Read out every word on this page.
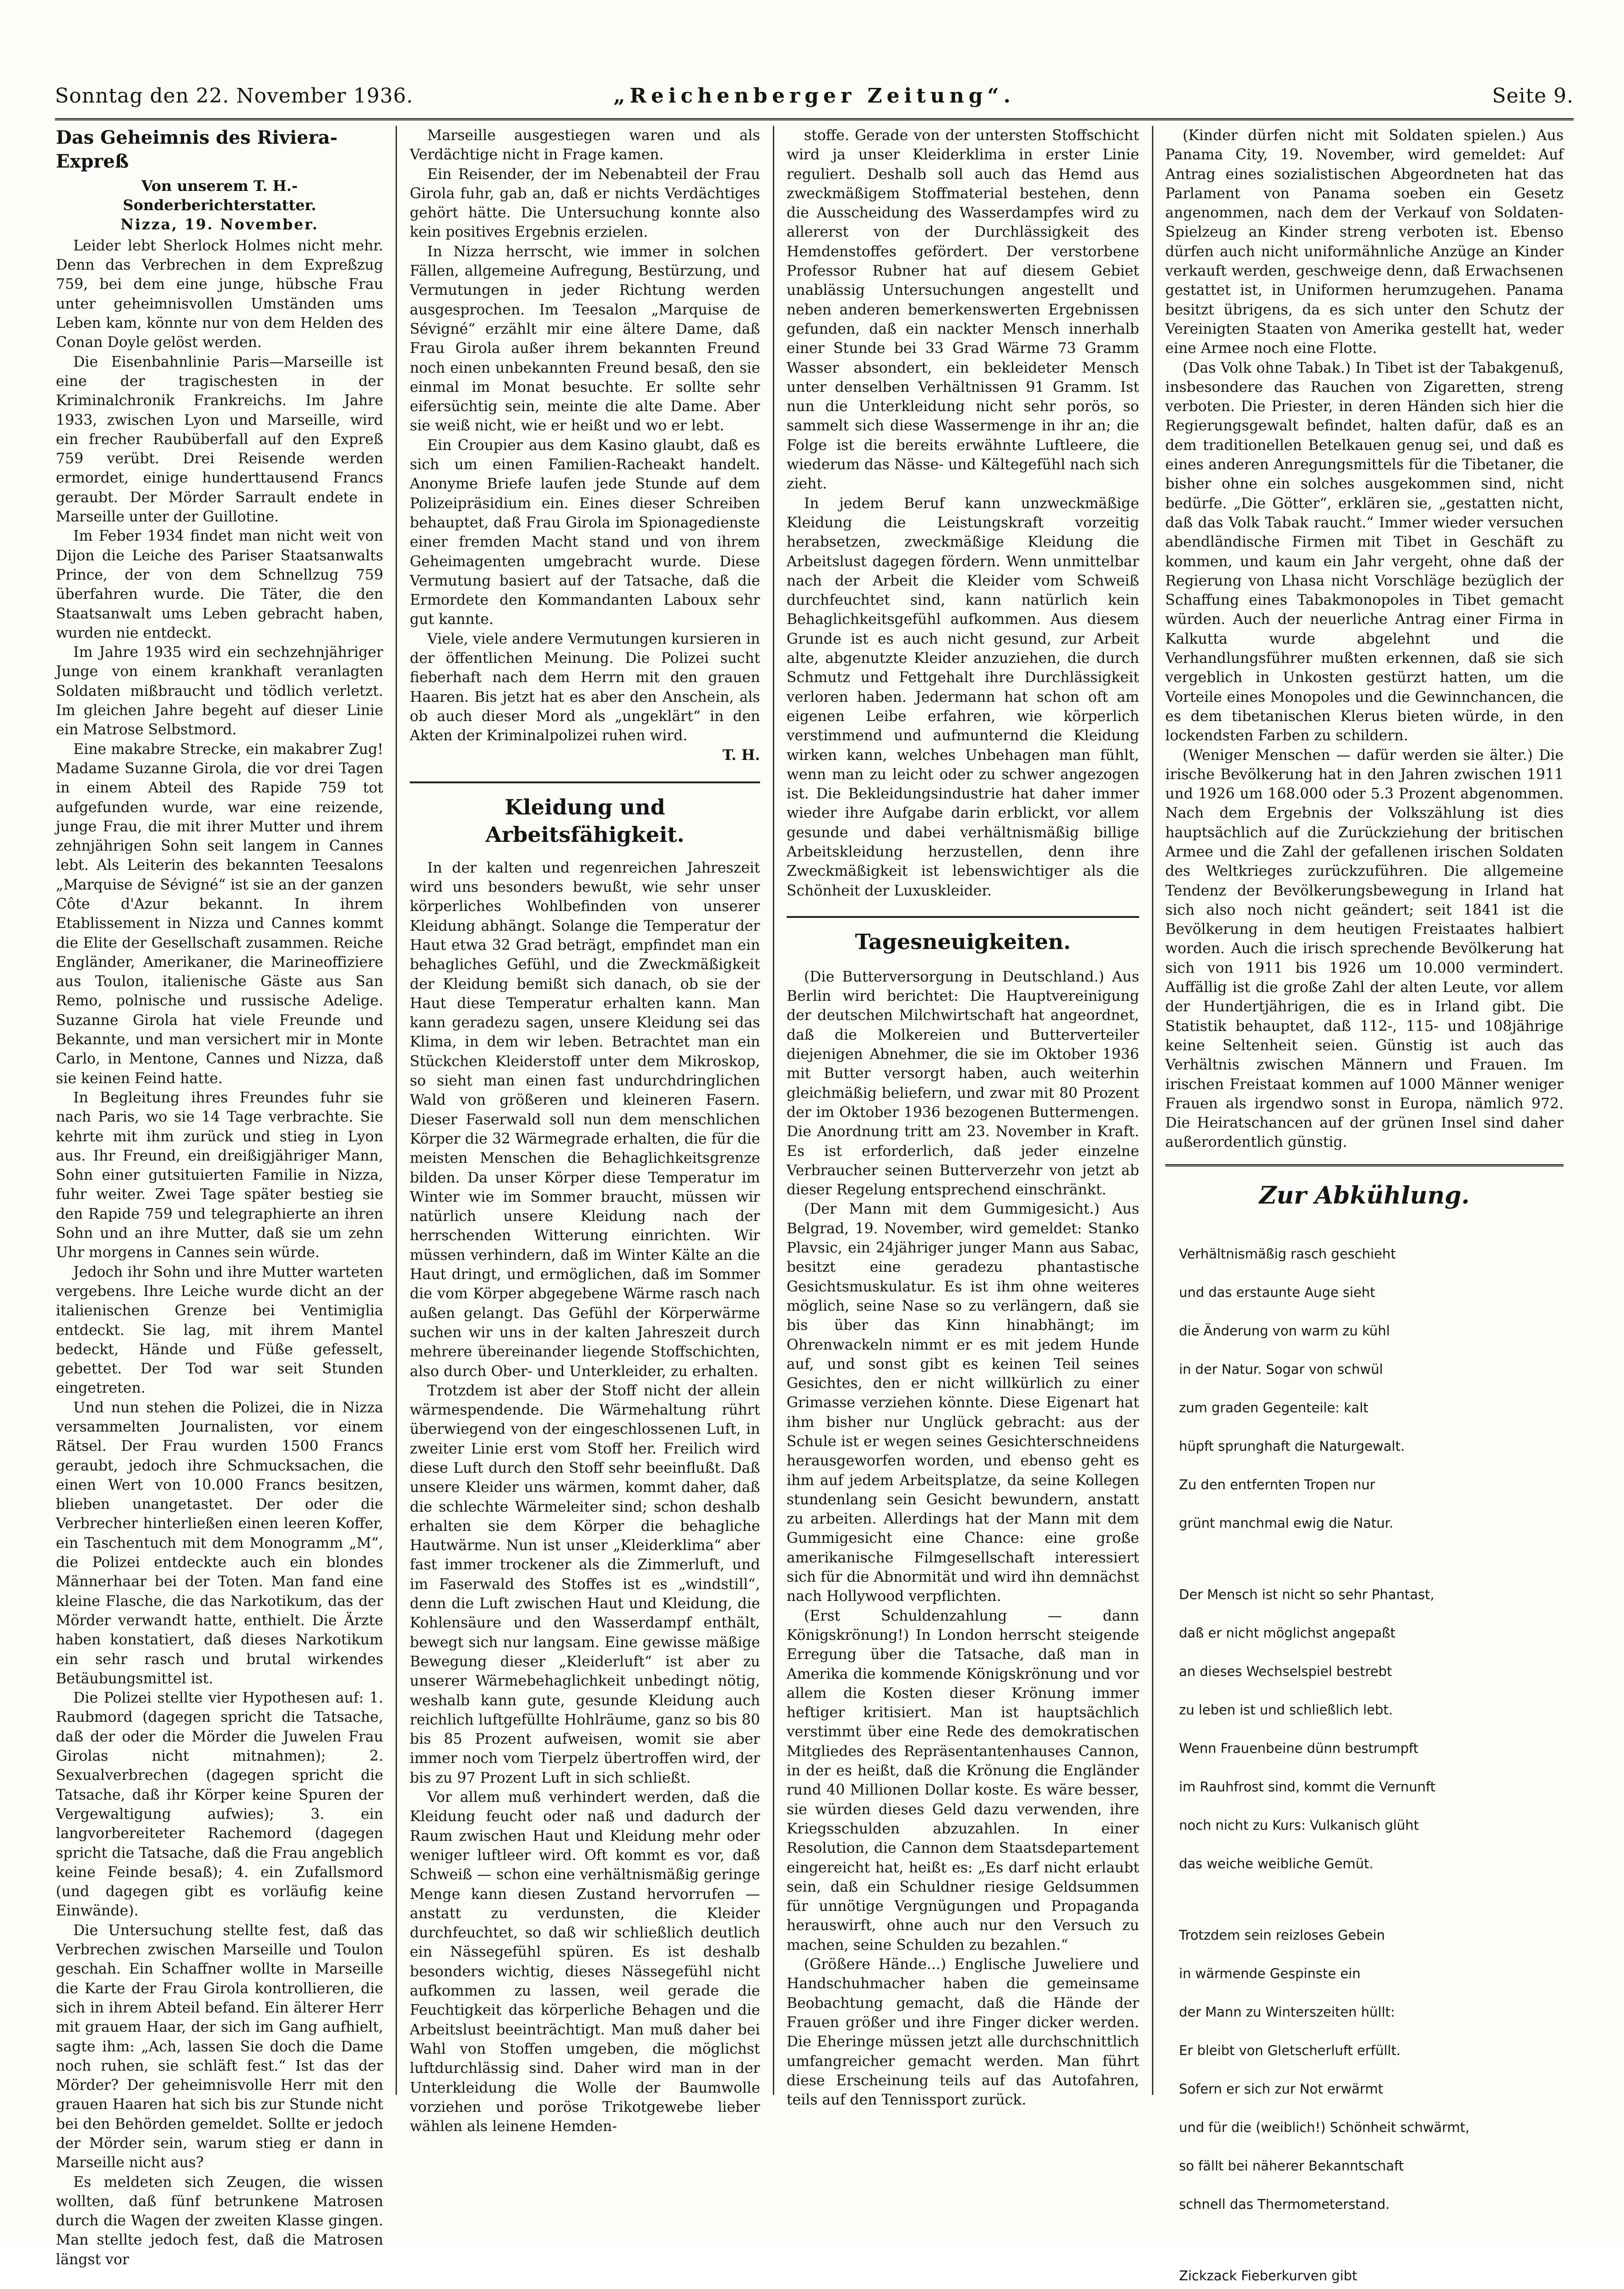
Sonntag den 22. November 1936.	„Reichenberger Zeitung“.	Seite 9.
Das Geheimnis des Riviera-Expreß
Von unserem T. H.-Sonderberichterstatter.
Nizza, 19. November.

Leider lebt Sherlock Holmes nicht mehr. Denn das Verbrechen in dem Expreßzug 759, bei dem eine junge, hübsche Frau unter geheimnisvollen Umständen ums Leben kam, könnte nur von dem Helden des Conan Doyle gelöst werden.

Die Eisenbahnlinie Paris—Marseille ist eine der tragischesten in der Kriminalchronik Frankreichs. Im Jahre 1933, zwischen Lyon und Marseille, wird ein frecher Raubüberfall auf den Expreß 759 verübt. Drei Reisende werden ermordet, einige hunderttausend Francs geraubt. Der Mörder Sarrault endete in Marseille unter der Guillotine.

Im Feber 1934 findet man nicht weit von Dijon die Leiche des Pariser Staatsanwalts Prince, der von dem Schnellzug 759 überfahren wurde. Die Täter, die den Staatsanwalt ums Leben gebracht haben, wurden nie entdeckt.

Im Jahre 1935 wird ein sechzehnjähriger Junge von einem krankhaft veranlagten Soldaten mißbraucht und tödlich verletzt. Im gleichen Jahre begeht auf dieser Linie ein Matrose Selbstmord.

Eine makabre Strecke, ein makabrer Zug! Madame Suzanne Girola, die vor drei Tagen in einem Abteil des Rapide 759 tot aufgefunden wurde, war eine reizende, junge Frau, die mit ihrer Mutter und ihrem zehnjährigen Sohn seit langem in Cannes lebt. Als Leiterin des bekannten Teesalons „Marquise de Sévigné“ ist sie an der ganzen Côte d'Azur bekannt. In ihrem Etablissement in Nizza und Cannes kommt die Elite der Gesellschaft zusammen. Reiche Engländer, Amerikaner, die Marineoffiziere aus Toulon, italienische Gäste aus San Remo, polnische und russische Adelige. Suzanne Girola hat viele Freunde und Bekannte, und man versichert mir in Monte Carlo, in Mentone, Cannes und Nizza, daß sie keinen Feind hatte.

In Begleitung ihres Freundes fuhr sie nach Paris, wo sie 14 Tage verbrachte. Sie kehrte mit ihm zurück und stieg in Lyon aus. Ihr Freund, ein dreißigjähriger Mann, Sohn einer gutsituierten Familie in Nizza, fuhr weiter. Zwei Tage später bestieg sie den Rapide 759 und telegraphierte an ihren Sohn und an ihre Mutter, daß sie um zehn Uhr morgens in Cannes sein würde.

Jedoch ihr Sohn und ihre Mutter warteten vergebens. Ihre Leiche wurde dicht an der italienischen Grenze bei Ventimiglia entdeckt. Sie lag, mit ihrem Mantel bedeckt, Hände und Füße gefesselt, gebettet. Der Tod war seit Stunden eingetreten.

Und nun stehen die Polizei, die in Nizza versammelten Journalisten, vor einem Rätsel. Der Frau wurden 1500 Francs geraubt, jedoch ihre Schmucksachen, die einen Wert von 10.000 Francs besitzen, blieben unangetastet. Der oder die Verbrecher hinterließen einen leeren Koffer, ein Taschentuch mit dem Monogramm „M“, die Polizei entdeckte auch ein blondes Männerhaar bei der Toten. Man fand eine kleine Flasche, die das Narkotikum, das der Mörder verwandt hatte, enthielt. Die Ärzte haben konstatiert, daß dieses Narkotikum ein sehr rasch und brutal wirkendes Betäubungsmittel ist.

Die Polizei stellte vier Hypothesen auf: 1. Raubmord (dagegen spricht die Tatsache, daß der oder die Mörder die Juwelen Frau Girolas nicht mitnahmen); 2. Sexualverbrechen (dagegen spricht die Tatsache, daß ihr Körper keine Spuren der Vergewaltigung aufwies); 3. ein langvorbereiteter Rachemord (dagegen spricht die Tatsache, daß die Frau angeblich keine Feinde besaß); 4. ein Zufallsmord (und dagegen gibt es vorläufig keine Einwände).

Die Untersuchung stellte fest, daß das Verbrechen zwischen Marseille und Toulon geschah. Ein Schaffner wollte in Marseille die Karte der Frau Girola kontrollieren, die sich in ihrem Abteil befand. Ein älterer Herr mit grauem Haar, der sich im Gang aufhielt, sagte ihm: „Ach, lassen Sie doch die Dame noch ruhen, sie schläft fest.“ Ist das der Mörder? Der geheimnisvolle Herr mit den grauen Haaren hat sich bis zur Stunde nicht bei den Behörden gemeldet. Sollte er jedoch der Mörder sein, warum stieg er dann in Marseille nicht aus?

Es meldeten sich Zeugen, die wissen wollten, daß fünf betrunkene Matrosen durch die Wagen der zweiten Klasse gingen. Man stellte jedoch fest, daß die Matrosen längst vor

Marseille ausgestiegen waren und als Verdächtige nicht in Frage kamen.

Ein Reisender, der im Nebenabteil der Frau Girola fuhr, gab an, daß er nichts Verdächtiges gehört hätte. Die Untersuchung konnte also kein positives Ergebnis erzielen.

In Nizza herrscht, wie immer in solchen Fällen, allgemeine Aufregung, Bestürzung, und Vermutungen in jeder Richtung werden ausgesprochen. Im Teesalon „Marquise de Sévigné“ erzählt mir eine ältere Dame, daß Frau Girola außer ihrem bekannten Freund noch einen unbekannten Freund besaß, den sie einmal im Monat besuchte. Er sollte sehr eifersüchtig sein, meinte die alte Dame. Aber sie weiß nicht, wie er heißt und wo er lebt.

Ein Croupier aus dem Kasino glaubt, daß es sich um einen Familien-Racheakt handelt. Anonyme Briefe laufen jede Stunde auf dem Polizeipräsidium ein. Eines dieser Schreiben behauptet, daß Frau Girola im Spionagedienste einer fremden Macht stand und von ihrem Geheimagenten umgebracht wurde. Diese Vermutung basiert auf der Tatsache, daß die Ermordete den Kommandanten Laboux sehr gut kannte.

Viele, viele andere Vermutungen kursieren in der öffentlichen Meinung. Die Polizei sucht fieberhaft nach dem Herrn mit den grauen Haaren. Bis jetzt hat es aber den Anschein, als ob auch dieser Mord als „ungeklärt“ in den Akten der Kriminalpolizei ruhen wird.

T. H.
Kleidung und Arbeitsfähigkeit.

In der kalten und regenreichen Jahreszeit wird uns besonders bewußt, wie sehr unser körperliches Wohlbefinden von unserer Kleidung abhängt. Solange die Temperatur der Haut etwa 32 Grad beträgt, empfindet man ein behagliches Gefühl, und die Zweckmäßigkeit der Kleidung bemißt sich danach, ob sie der Haut diese Temperatur erhalten kann. Man kann geradezu sagen, unsere Kleidung sei das Klima, in dem wir leben. Betrachtet man ein Stückchen Kleiderstoff unter dem Mikroskop, so sieht man einen fast undurchdringlichen Wald von größeren und kleineren Fasern. Dieser Faserwald soll nun dem menschlichen Körper die 32 Wärmegrade erhalten, die für die meisten Menschen die Behaglichkeitsgrenze bilden. Da unser Körper diese Temperatur im Winter wie im Sommer braucht, müssen wir natürlich unsere Kleidung nach der herrschenden Witterung einrichten. Wir müssen verhindern, daß im Winter Kälte an die Haut dringt, und ermöglichen, daß im Sommer die vom Körper abgegebene Wärme rasch nach außen gelangt. Das Gefühl der Körperwärme suchen wir uns in der kalten Jahreszeit durch mehrere übereinander liegende Stoffschichten, also durch Ober- und Unterkleider, zu erhalten.

Trotzdem ist aber der Stoff nicht der allein wärmespendende. Die Wärmehaltung rührt überwiegend von der eingeschlossenen Luft, in zweiter Linie erst vom Stoff her. Freilich wird diese Luft durch den Stoff sehr beeinflußt. Daß unsere Kleider uns wärmen, kommt daher, daß die schlechte Wärmeleiter sind; schon deshalb erhalten sie dem Körper die behagliche Hautwärme. Nun ist unser „Kleiderklima“ aber fast immer trockener als die Zimmerluft, und im Faserwald des Stoffes ist es „windstill“, denn die Luft zwischen Haut und Kleidung, die Kohlensäure und den Wasserdampf enthält, bewegt sich nur langsam. Eine gewisse mäßige Bewegung dieser „Kleiderluft“ ist aber zu unserer Wärmebehaglichkeit unbedingt nötig, weshalb kann gute, gesunde Kleidung auch reichlich luftgefüllte Hohlräume, ganz so bis 80 bis 85 Prozent aufweisen, womit sie aber immer noch vom Tierpelz übertroffen wird, der bis zu 97 Prozent Luft in sich schließt.

Vor allem muß verhindert werden, daß die Kleidung feucht oder naß und dadurch der Raum zwischen Haut und Kleidung mehr oder weniger luftleer wird. Oft kommt es vor, daß Schweiß — schon eine verhältnismäßig geringe Menge kann diesen Zustand hervorrufen — anstatt zu verdunsten, die Kleider durchfeuchtet, so daß wir schließlich deutlich ein Nässegefühl spüren. Es ist deshalb besonders wichtig, dieses Nässegefühl nicht aufkommen zu lassen, weil gerade die Feuchtigkeit das körperliche Behagen und die Arbeitslust beeinträchtigt. Man muß daher bei Wahl von Stoffen umgeben, die möglichst luftdurchlässig sind. Daher wird man in der Unterkleidung die Wolle der Baumwolle vorziehen und poröse Trikotgewebe lieber wählen als leinene Hemden-

stoffe. Gerade von der untersten Stoffschicht wird ja unser Kleiderklima in erster Linie reguliert. Deshalb soll auch das Hemd aus zweckmäßigem Stoffmaterial bestehen, denn die Ausscheidung des Wasserdampfes wird zu allererst von der Durchlässigkeit des Hemdenstoffes gefördert. Der verstorbene Professor Rubner hat auf diesem Gebiet unablässig Untersuchungen angestellt und neben anderen bemerkenswerten Ergebnissen gefunden, daß ein nackter Mensch innerhalb einer Stunde bei 33 Grad Wärme 73 Gramm Wasser absondert, ein bekleideter Mensch unter denselben Verhältnissen 91 Gramm. Ist nun die Unterkleidung nicht sehr porös, so sammelt sich diese Wassermenge in ihr an; die Folge ist die bereits erwähnte Luftleere, die wiederum das Nässe- und Kältegefühl nach sich zieht.

In jedem Beruf kann unzweckmäßige Kleidung die Leistungskraft vorzeitig herabsetzen, zweckmäßige Kleidung die Arbeitslust dagegen fördern. Wenn unmittelbar nach der Arbeit die Kleider vom Schweiß durchfeuchtet sind, kann natürlich kein Behaglichkeitsgefühl aufkommen. Aus diesem Grunde ist es auch nicht gesund, zur Arbeit alte, abgenutzte Kleider anzuziehen, die durch Schmutz und Fettgehalt ihre Durchlässigkeit verloren haben. Jedermann hat schon oft am eigenen Leibe erfahren, wie körperlich verstimmend und aufmunternd die Kleidung wirken kann, welches Unbehagen man fühlt, wenn man zu leicht oder zu schwer angezogen ist. Die Bekleidungsindustrie hat daher immer wieder ihre Aufgabe darin erblickt, vor allem gesunde und dabei verhältnismäßig billige Arbeitskleidung herzustellen, denn ihre Zweckmäßigkeit ist lebenswichtiger als die Schönheit der Luxuskleider.

Tagesneuigkeiten.

(Die Butterversorgung in Deutschland.) Aus Berlin wird berichtet: Die Hauptvereinigung der deutschen Milchwirtschaft hat angeordnet, daß die Molkereien und Butterverteiler diejenigen Abnehmer, die sie im Oktober 1936 mit Butter versorgt haben, auch weiterhin gleichmäßig beliefern, und zwar mit 80 Prozent der im Oktober 1936 bezogenen Buttermengen. Die Anordnung tritt am 23. November in Kraft. Es ist erforderlich, daß jeder einzelne Verbraucher seinen Butterverzehr von jetzt ab dieser Regelung entsprechend einschränkt.

(Der Mann mit dem Gummigesicht.) Aus Belgrad, 19. November, wird gemeldet: Stanko Plavsic, ein 24jähriger junger Mann aus Sabac, besitzt eine geradezu phantastische Gesichtsmuskulatur. Es ist ihm ohne weiteres möglich, seine Nase so zu verlängern, daß sie bis über das Kinn hinabhängt; im Ohrenwackeln nimmt er es mit jedem Hunde auf, und sonst gibt es keinen Teil seines Gesichtes, den er nicht willkürlich zu einer Grimasse verziehen könnte. Diese Eigenart hat ihm bisher nur Unglück gebracht: aus der Schule ist er wegen seines Gesichterschneidens herausgeworfen worden, und ebenso geht es ihm auf jedem Arbeitsplatze, da seine Kollegen stundenlang sein Gesicht bewundern, anstatt zu arbeiten. Allerdings hat der Mann mit dem Gummigesicht eine Chance: eine große amerikanische Filmgesellschaft interessiert sich für die Abnormität und wird ihn demnächst nach Hollywood verpflichten.

(Erst Schuldenzahlung — dann Königskrönung!) In London herrscht steigende Erregung über die Tatsache, daß man in Amerika die kommende Königskrönung und vor allem die Kosten dieser Krönung immer heftiger kritisiert. Man ist hauptsächlich verstimmt über eine Rede des demokratischen Mitgliedes des Repräsentantenhauses Cannon, in der es heißt, daß die Krönung die Engländer rund 40 Millionen Dollar koste. Es wäre besser, sie würden dieses Geld dazu verwenden, ihre Kriegsschulden abzuzahlen. In einer Resolution, die Cannon dem Staatsdepartement eingereicht hat, heißt es: „Es darf nicht erlaubt sein, daß ein Schuldner riesige Geldsummen für unnötige Vergnügungen und Propaganda herauswirft, ohne auch nur den Versuch zu machen, seine Schulden zu bezahlen.“

(Größere Hände...) Englische Juweliere und Handschuhmacher haben die gemeinsame Beobachtung gemacht, daß die Hände der Frauen größer und ihre Finger dicker werden. Die Eheringe müssen jetzt alle durchschnittlich umfangreicher gemacht werden. Man führt diese Erscheinung teils auf das Autofahren, teils auf den Tennissport zurück.

(Kinder dürfen nicht mit Soldaten spielen.) Aus Panama City, 19. November, wird gemeldet: Auf Antrag eines sozialistischen Abgeordneten hat das Parlament von Panama soeben ein Gesetz angenommen, nach dem der Verkauf von Soldaten-Spielzeug an Kinder streng verboten ist. Ebenso dürfen auch nicht uniformähnliche Anzüge an Kinder verkauft werden, geschweige denn, daß Erwachsenen gestattet ist, in Uniformen herumzugehen. Panama besitzt übrigens, da es sich unter den Schutz der Vereinigten Staaten von Amerika gestellt hat, weder eine Armee noch eine Flotte.

(Das Volk ohne Tabak.) In Tibet ist der Tabakgenuß, insbesondere das Rauchen von Zigaretten, streng verboten. Die Priester, in deren Händen sich hier die Regierungsgewalt befindet, halten dafür, daß es an dem traditionellen Betelkauen genug sei, und daß es eines anderen Anregungsmittels für die Tibetaner, die bisher ohne ein solches ausgekommen sind, nicht bedürfe. „Die Götter“, erklären sie, „gestatten nicht, daß das Volk Tabak raucht.“ Immer wieder versuchen abendländische Firmen mit Tibet in Geschäft zu kommen, und kaum ein Jahr vergeht, ohne daß der Regierung von Lhasa nicht Vorschläge bezüglich der Schaffung eines Tabakmonopoles in Tibet gemacht würden. Auch der neuerliche Antrag einer Firma in Kalkutta wurde abgelehnt und die Verhandlungsführer mußten erkennen, daß sie sich vergeblich in Unkosten gestürzt hatten, um die Vorteile eines Monopoles und die Gewinnchancen, die es dem tibetanischen Klerus bieten würde, in den lockendsten Farben zu schildern.

(Weniger Menschen — dafür werden sie älter.) Die irische Bevölkerung hat in den Jahren zwischen 1911 und 1926 um 168.000 oder 5.3 Prozent abgenommen. Nach dem Ergebnis der Volkszählung ist dies hauptsächlich auf die Zurückziehung der britischen Armee und die Zahl der gefallenen irischen Soldaten des Weltkrieges zurückzuführen. Die allgemeine Tendenz der Bevölkerungsbewegung in Irland hat sich also noch nicht geändert; seit 1841 ist die Bevölkerung in dem heutigen Freistaates halbiert worden. Auch die irisch sprechende Bevölkerung hat sich von 1911 bis 1926 um 10.000 vermindert. Auffällig ist die große Zahl der alten Leute, vor allem der Hundertjährigen, die es in Irland gibt. Die Statistik behauptet, daß 112-, 115- und 108jährige keine Seltenheit seien. Günstig ist auch das Verhältnis zwischen Männern und Frauen. Im irischen Freistaat kommen auf 1000 Männer weniger Frauen als irgendwo sonst in Europa, nämlich 972. Die Heiratschancen auf der grünen Insel sind daher außerordentlich günstig.

Zur Abkühlung.

Verhältnismäßig rasch geschieht

und das erstaunte Auge sieht

die Änderung von warm zu kühl

in der Natur. Sogar von schwül

zum graden Gegenteile: kalt

hüpft sprunghaft die Naturgewalt.

Zu den entfernten Tropen nur

grünt manchmal ewig die Natur.

Der Mensch ist nicht so sehr Phantast,

daß er nicht möglichst angepaßt

an dieses Wechselspiel bestrebt

zu leben ist und schließlich lebt.

Wenn Frauenbeine dünn bestrumpft

im Rauhfrost sind, kommt die Vernunft

noch nicht zu Kurs: Vulkanisch glüht

das weiche weibliche Gemüt.

Trotzdem sein reizloses Gebein

in wärmende Gespinste ein

der Mann zu Winterszeiten hüllt:

Er bleibt von Gletscherluft erfüllt.

Sofern er sich zur Not erwärmt

und für die (weiblich!) Schönheit schwärmt,

so fällt bei näherer Bekanntschaft

schnell das Thermometerstand.

Zickzack Fieberkurven gibt
